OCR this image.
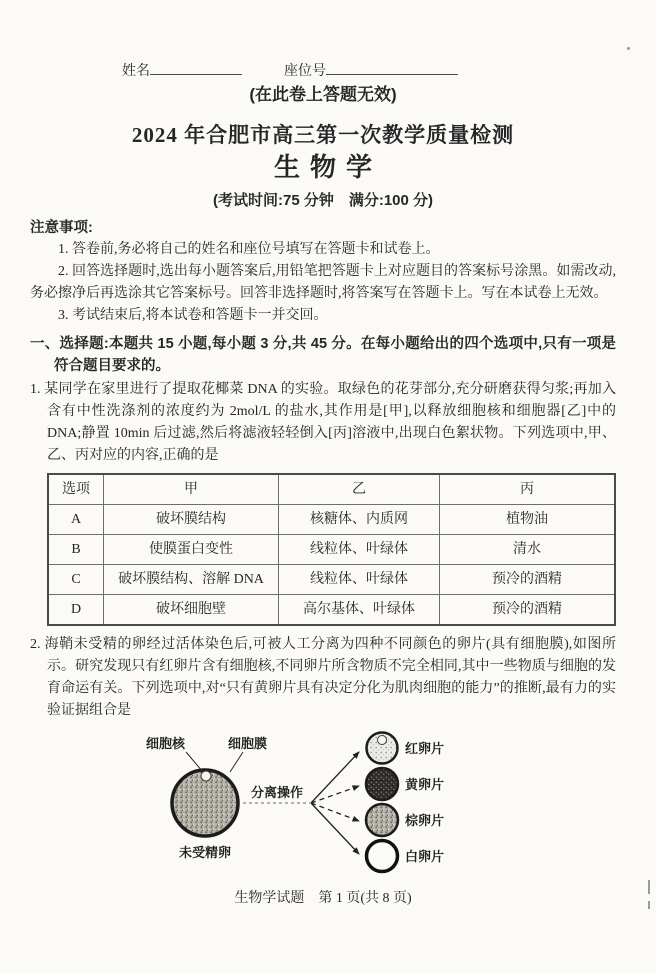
姓名	座位号
(在此卷上答题无效)
2024 年合肥市高三第一次教学质量检测
生物学
(考试时间:75 分钟　满分:100 分)
注意事项:

1. 答卷前,务必将自己的姓名和座位号填写在答题卡和试卷上。

2. 回答选择题时,选出每小题答案后,用铅笔把答题卡上对应题目的答案标号涂黑。如需改动,务必擦净后再选涂其它答案标号。回答非选择题时,将答案写在答题卡上。写在本试卷上无效。

3. 考试结束后,将本试卷和答题卡一并交回。

一、选择题:本题共 15 小题,每小题 3 分,共 45 分。在每小题给出的四个选项中,只有一项是符合题目要求的。

1. 某同学在家里进行了提取花椰菜 DNA 的实验。取绿色的花芽部分,充分研磨获得匀浆;再加入含有中性洗涤剂的浓度约为 2mol/L 的盐水,其作用是[甲],以释放细胞核和细胞器[乙]中的 DNA;静置 10min 后过滤,然后将滤液轻轻倒入[丙]溶液中,出现白色絮状物。下列选项中,甲、乙、丙对应的内容,正确的是

选项	甲	乙	丙
A	破坏膜结构	核糖体、内质网	植物油
B	使膜蛋白变性	线粒体、叶绿体	清水
C	破坏膜结构、溶解 DNA	线粒体、叶绿体	预冷的酒精
D	破坏细胞壁	高尔基体、叶绿体	预冷的酒精

2. 海鞘未受精的卵经过活体染色后,可被人工分离为四种不同颜色的卵片(具有细胞膜),如图所示。研究发现只有红卵片含有细胞核,不同卵片所含物质不完全相同,其中一些物质与细胞的发育命运有关。下列选项中,对“只有黄卵片具有决定分化为肌肉细胞的能力”的推断,最有力的实验证据组合是

细胞核	细胞膜
未受精卵
分离操作
红卵片
黄卵片
棕卵片
白卵片
生物学试题　第 1 页(共 8 页)
